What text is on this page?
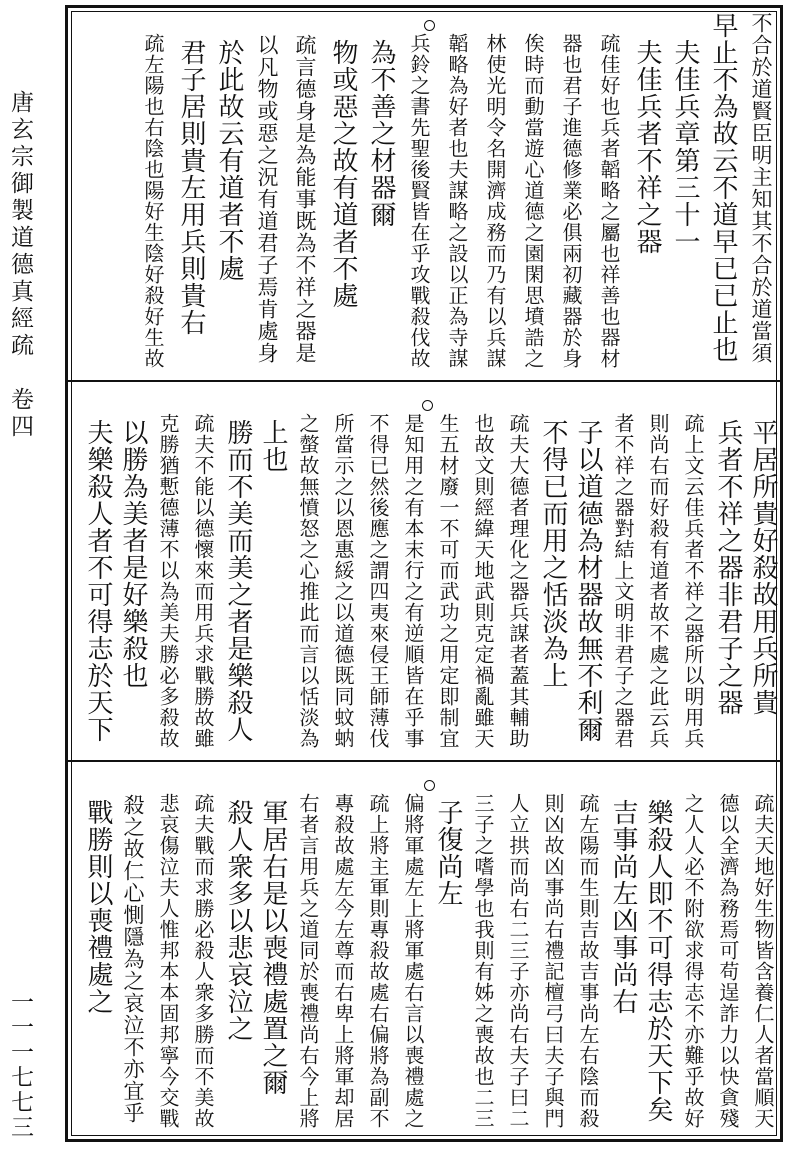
唐玄宗御製道德真經疏　卷四
一一一七七三
不合於道賢臣明主知其不合於道當須
早止不為故云不道早已已止也
　夫佳兵章第三十一
　夫佳兵者不祥之器
　疏佳好也兵者韜略之屬也祥善也器材
　器也君子進德修業必俱兩初藏器於身
　俟時而動當遊心道德之園閑思墳誥之
　林使光明令名開濟成務而乃有以兵謀
　韜略為好者也夫謀略之設以正為寺謀
　兵鈴之書先聖後賢皆在乎攻戰殺伐故
　為不善之材器爾
　物或惡之故有道者不處
　疏言德身是為能事既為不祥之器是
　以凡物或惡之況有道君子焉肯處身
　於此故云有道者不處
　君子居則貴左用兵則貴右
　疏左陽也右陰也陽好生陰好殺好生故
　平居所貴好殺故用兵所貴
　兵者不祥之器非君子之器
　疏上文云佳兵者不祥之器所以明用兵
　則尚右而好殺有道者故不處之此云兵
　者不祥之器對結上文明非君子之器君
　子以道德為材器故無不利爾
　不得已而用之恬淡為上
　疏夫大德者理化之器兵謀者蓋其輔助
　也故文則經緯天地武則克定禍亂雖天
　生五材廢一不可而武功之用定即制宜
　是知用之有本末行之有逆順皆在乎事
　不得已然後應之謂四夷來侵王師薄伐
　所當示之以恩惠綏之以道德既同蚊蚋
　之螫故無憤怒之心推此而言以恬淡為
　上也
　勝而不美而美之者是樂殺人
　疏夫不能以德懷來而用兵求戰勝故雖
　克勝猶慙德薄不以為美夫勝必多殺故
　以勝為美者是好樂殺也
　夫樂殺人者不可得志於天下
　疏夫天地好生物皆含養仁人者當順天
　德以全濟為務焉可苟逞詐力以快貪殘
　之人人必不附欲求得志不亦難乎故好
　樂殺人即不可得志於天下矣
　吉事尚左凶事尚右
　疏左陽而生則吉故吉事尚左右陰而殺
　則凶故凶事尚右禮記檀弓曰夫子與門
　人立拱而尚右二三子亦尚右夫子曰二
　三子之嗜學也我則有姊之喪故也二三
　子復尚左
　偏將軍處左上將軍處右言以喪禮處之
　疏上將主軍則專殺故處右偏將為副不
　專殺故處左今左尊而右卑上將軍却居
　右者言用兵之道同於喪禮尚右今上將
　軍居右是以喪禮處置之爾
　殺人衆多以悲哀泣之
　疏夫戰而求勝必殺人衆多勝而不美故
　悲哀傷泣夫人惟邦本本固邦寧今交戰
　殺之故仁心惻隱為之哀泣不亦宜乎
　戰勝則以喪禮處之
